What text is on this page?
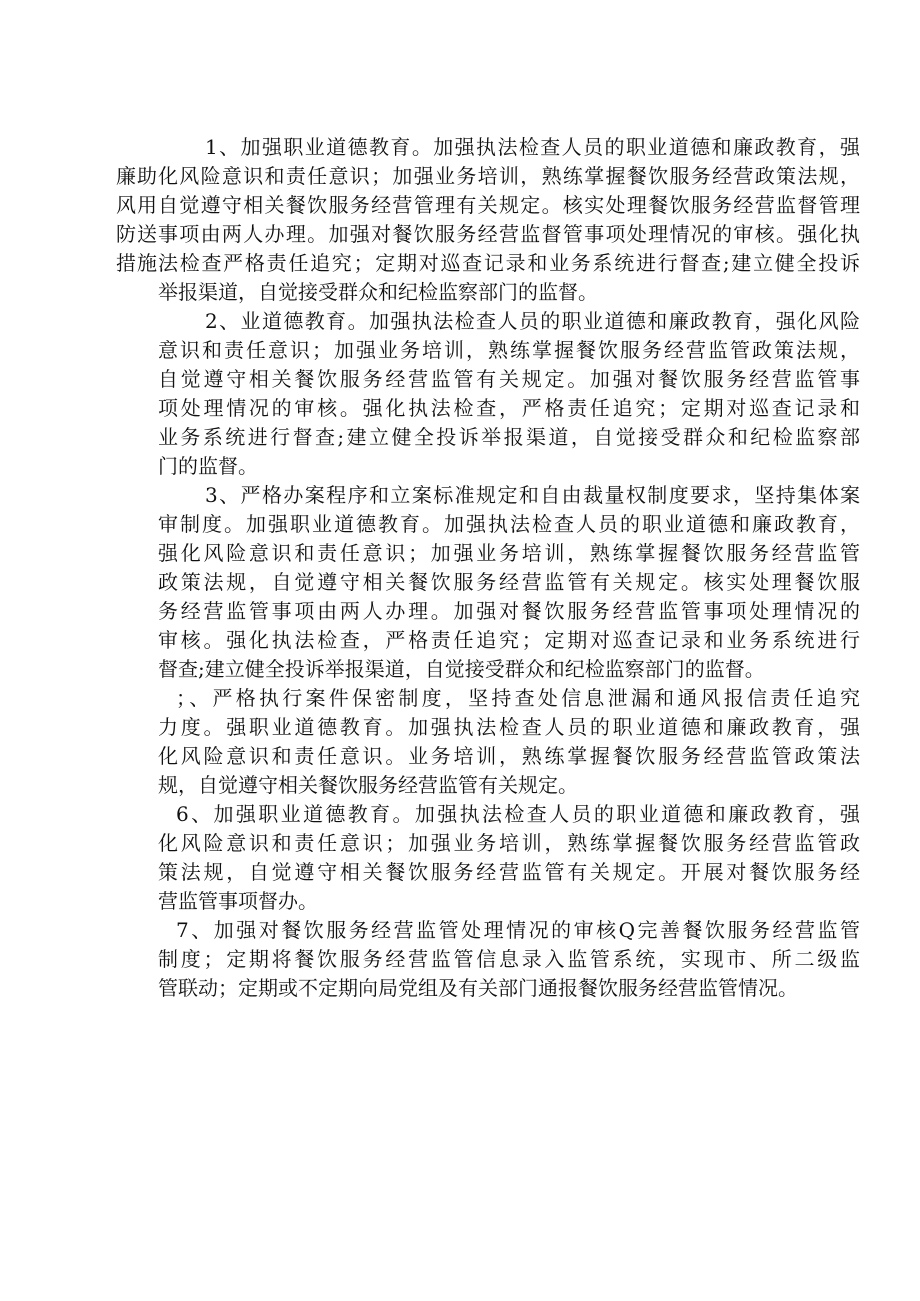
廉助
风用
防送
措施
1、加强职业道德教育。加强执法检查人员的职业道德和廉政教育，强
化风险意识和责任意识；加强业务培训，熟练掌握餐饮服务经营政策法规，
自觉遵守相关餐饮服务经营管理有关规定。核实处理餐饮服务经营监督管理
事项由两人办理。加强对餐饮服务经营监督管事项处理情况的审核。强化执
法检查严格责任追究；定期对巡查记录和业务系统进行督查;建立健全投诉
举报渠道，自觉接受群众和纪检监察部门的监督。
2、业道德教育。加强执法检查人员的职业道德和廉政教育，强化风险
意识和责任意识；加强业务培训，熟练掌握餐饮服务经营监管政策法规，
自觉遵守相关餐饮服务经营监管有关规定。加强对餐饮服务经营监管事
项处理情况的审核。强化执法检查，严格责任追究；定期对巡查记录和
业务系统进行督查;建立健全投诉举报渠道，自觉接受群众和纪检监察部
门的监督。
3、严格办案程序和立案标准规定和自由裁量权制度要求，坚持集体案
审制度。加强职业道德教育。加强执法检查人员的职业道德和廉政教育，
强化风险意识和责任意识；加强业务培训，熟练掌握餐饮服务经营监管
政策法规，自觉遵守相关餐饮服务经营监管有关规定。核实处理餐饮服
务经营监管事项由两人办理。加强对餐饮服务经营监管事项处理情况的
审核。强化执法检查，严格责任追究；定期对巡查记录和业务系统进行
督查;建立健全投诉举报渠道，自觉接受群众和纪检监察部门的监督。
；、严格执行案件保密制度，坚持查处信息泄漏和通风报信责任追究
力度。强职业道德教育。加强执法检查人员的职业道德和廉政教育，强
化风险意识和责任意识。业务培训，熟练掌握餐饮服务经营监管政策法
规，自觉遵守相关餐饮服务经营监管有关规定。
6、加强职业道德教育。加强执法检查人员的职业道德和廉政教育，强
化风险意识和责任意识；加强业务培训，熟练掌握餐饮服务经营监管政
策法规，自觉遵守相关餐饮服务经营监管有关规定。开展对餐饮服务经
营监管事项督办。
7、加强对餐饮服务经营监管处理情况的审核Q完善餐饮服务经营监管
制度；定期将餐饮服务经营监管信息录入监管系统，实现市、所二级监
管联动；定期或不定期向局党组及有关部门通报餐饮服务经营监管情况。
